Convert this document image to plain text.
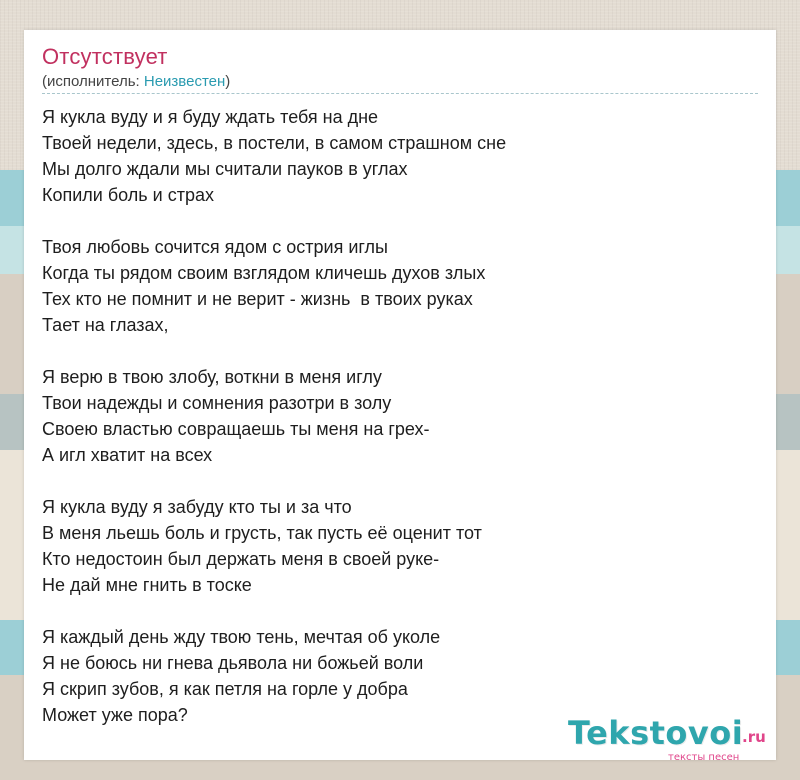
Отсутствует
(исполнитель: Неизвестен)
Я кукла вуду и я буду ждать тебя на дне
Твоей недели, здесь, в постели, в самом страшном сне
Мы долго ждали мы считали пауков в углах
Копили боль и страх
Твоя любовь сочится ядом с острия иглы
Когда ты рядом своим взглядом кличешь духов злых
Тех кто не помнит и не верит - жизнь  в твоих руках
Тает на глазах,
Я верю в твою злобу, воткни в меня иглу
Твои надежды и сомнения разотри в золу
Своею властью совращаешь ты меня на грех-
А игл хватит на всех
Я кукла вуду я забуду кто ты и за что
В меня льешь боль и грусть, так пусть её оценит тот
Кто недостоин был держать меня в своей руке-
Не дай мне гнить в тоске
Я каждый день жду твою тень, мечтая об уколе
Я не боюсь ни гнева дьявола ни божьей воли
Я скрип зубов, я как петля на горле у добра
Может уже пора?	Tekstovoi
.ru
тексты песен
